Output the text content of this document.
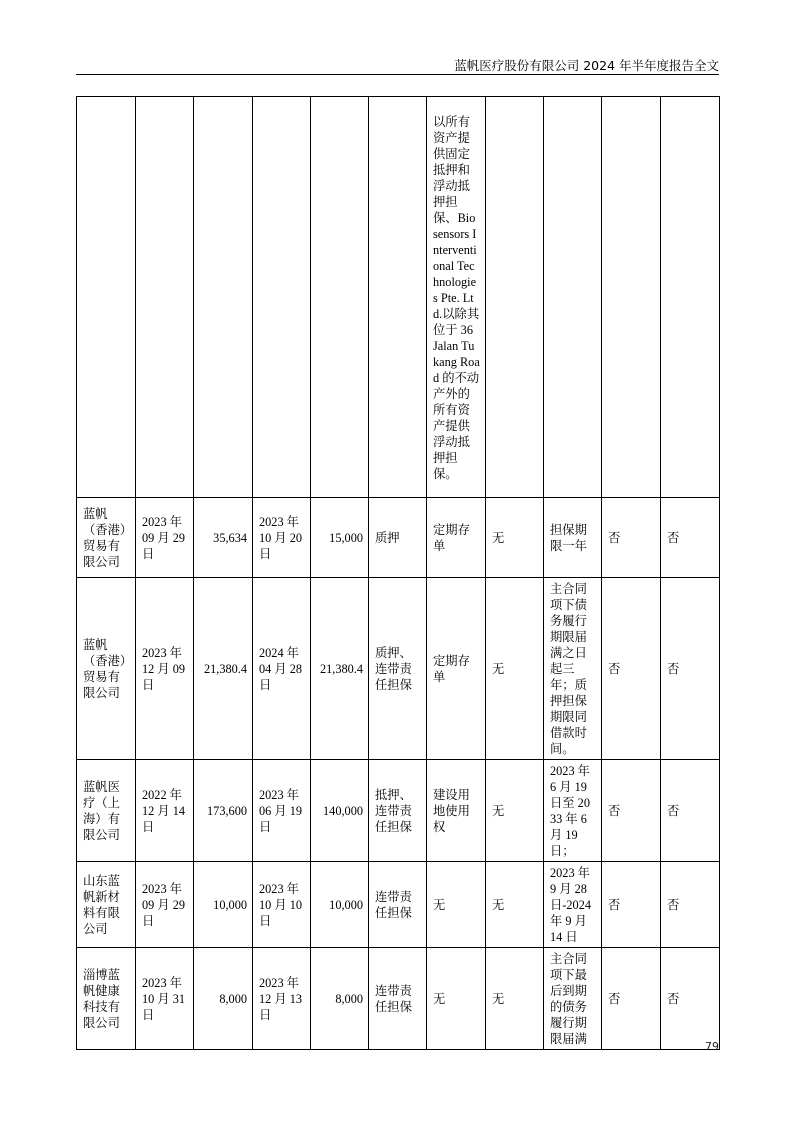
蓝帆医疗股份有限公司 2024 年半年度报告全文
						以所有资产提供固定抵押和浮动抵押担保、Biosensors Interventional Technologies Pte. Ltd.以除其位于 36 Jalan Tukang Road 的不动产外的所有资产提供浮动抵押担保。				
蓝帆（香港）贸易有限公司	2023 年 09 月 29 日	35,634	2023 年 10 月 20 日	15,000	质押	定期存单	无	担保期限一年	否	否
蓝帆（香港）贸易有限公司	2023 年 12 月 09 日	21,380.4	2024 年 04 月 28 日	21,380.4	质押、连带责任担保	定期存单	无	主合同项下债务履行期限届满之日起三年；质押担保期限同借款时间。	否	否
蓝帆医疗（上海）有限公司	2022 年 12 月 14 日	173,600	2023 年 06 月 19 日	140,000	抵押、连带责任担保	建设用地使用权	无	2023 年 6 月 19 日至 2033 年 6 月 19 日；	否	否
山东蓝帆新材料有限公司	2023 年 09 月 29 日	10,000	2023 年 10 月 10 日	10,000	连带责任担保	无	无	2023 年 9 月 28 日-2024 年 9 月 14 日	否	否
淄博蓝帆健康科技有限公司	2023 年 10 月 31 日	8,000	2023 年 12 月 13 日	8,000	连带责任担保	无	无	主合同项下最后到期的债务履行期限届满	否	否
79
